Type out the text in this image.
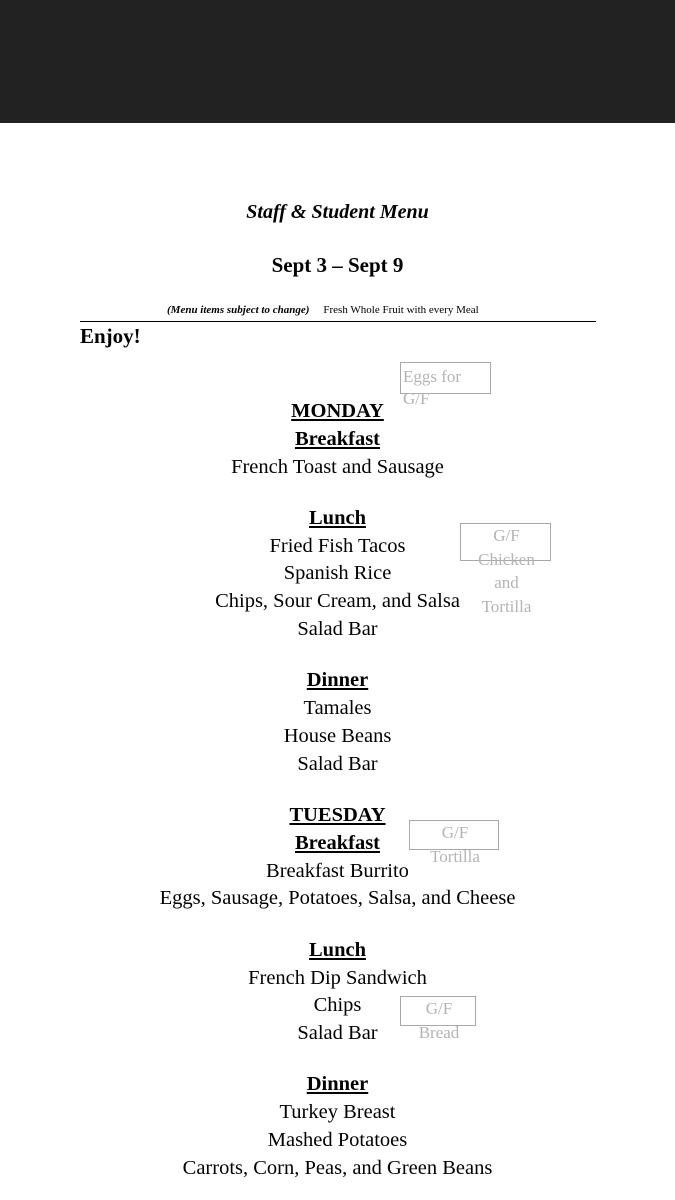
Staff & Student Menu
Sept 3 – Sept 9
(Menu items subject to change) Fresh Whole Fruit with every Meal
Enjoy!
MONDAY
Breakfast
French Toast and Sausage
Lunch
Fried Fish Tacos
Spanish Rice
Chips, Sour Cream, and Salsa
Salad Bar
Dinner
Tamales
House Beans
Salad Bar
TUESDAY
Breakfast
Breakfast Burrito
Eggs, Sausage, Potatoes, Salsa, and Cheese
Lunch
French Dip Sandwich
Chips
Salad Bar
Dinner
Turkey Breast
Mashed Potatoes
Carrots, Corn, Peas, and Green Beans
Eggs for
G/F
G/F
Chicken
and
Tortilla
G/F
Tortilla
G/F
Bread
